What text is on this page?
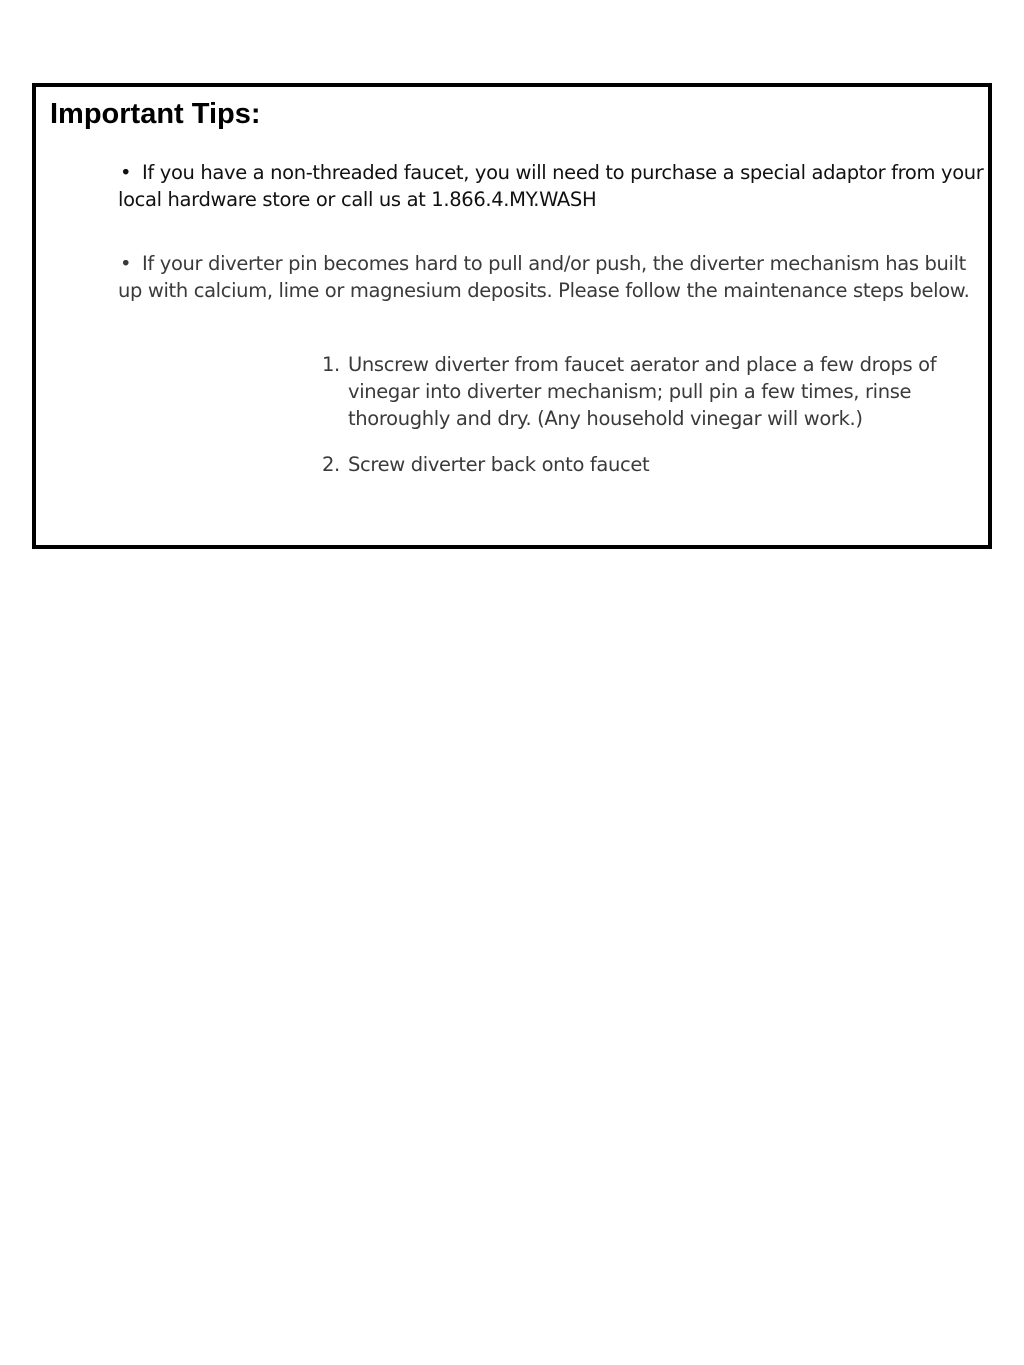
Important Tips:

• If you have a non-threaded faucet, you will need to purchase a special adaptor from your local hardware store or call us at 1.866.4.MY.WASH

• If your diverter pin becomes hard to pull and/or push, the diverter mechanism has built up with calcium, lime or magnesium deposits. Please follow the maintenance steps below.

1. Unscrew diverter from faucet aerator and place a few drops of vinegar into diverter mechanism; pull pin a few times, rinse thoroughly and dry. (Any household vinegar will work.)
2. Screw diverter back onto faucet
